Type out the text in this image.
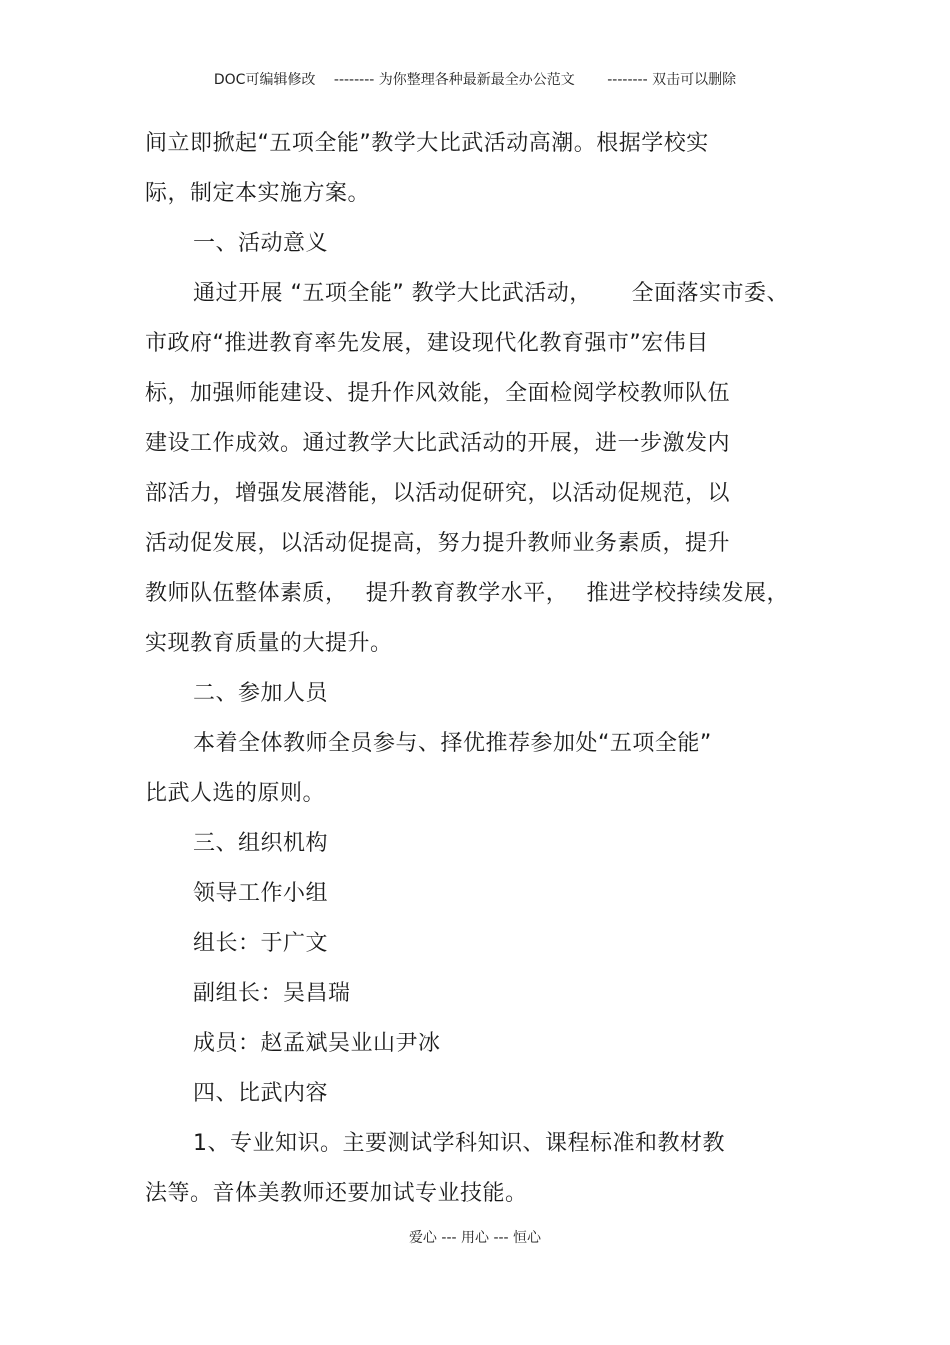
DOC可编辑修改 -------- 为你整理各种最新最全办公范文 -------- 双击可以删除
间立即掀起“五项全能”教学大比武活动高潮。根据学校实
际，制定本实施方案。
一、活动意义
通过开展 “五项全能” 教学大比武活动， 全面落实市委、
市政府“推进教育率先发展，建设现代化教育强市”宏伟目
标，加强师能建设、提升作风效能，全面检阅学校教师队伍
建设工作成效。通过教学大比武活动的开展，进一步激发内
部活力，增强发展潜能，以活动促研究，以活动促规范，以
活动促发展，以活动促提高，努力提升教师业务素质，提升
教师队伍整体素质， 提升教育教学水平， 推进学校持续发展，
实现教育质量的大提升。
二、参加人员
本着全体教师全员参与、择优推荐参加处“五项全能”
比武人选的原则。
三、组织机构
领导工作小组
组长：于广文
副组长：吴昌瑞
成员：赵孟斌吴业山尹冰
四、比武内容
1、专业知识。主要测试学科知识、课程标准和教材教
法等。音体美教师还要加试专业技能。
爱心 --- 用心 --- 恒心
